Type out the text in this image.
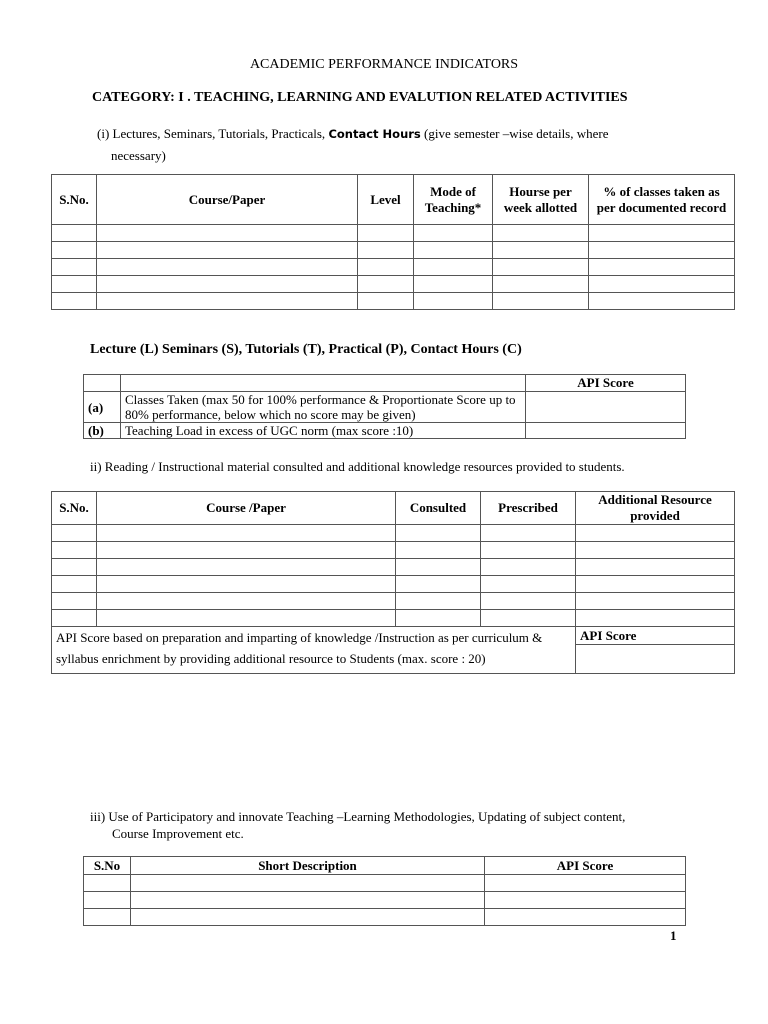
ACADEMIC PERFORMANCE INDICATORS
CATEGORY: I . TEACHING, LEARNING AND EVALUTION RELATED ACTIVITIES
(i) Lectures, Seminars, Tutorials, Practicals, Contact Hours (give semester –wise details, where
necessary)
S.No.	Course/Paper	Level	Mode of Teaching*	Hourse per week allotted	% of classes taken as per documented record

Lecture (L) Seminars (S), Tutorials (T), Practical (P), Contact Hours (C)
		API Score
(a)	Classes Taken (max 50 for 100% performance & Proportionate Score up to 80% performance, below which no score may be given)	
(b)	Teaching Load in excess of UGC norm (max score :10)	
ii) Reading / Instructional material consulted and additional knowledge resources provided to students.
S.No.	Course /Paper	Consulted	Prescribed	Additional Resource provided

API Score based on preparation and imparting of knowledge /Instruction as per curriculum & syllabus enrichment by providing additional resource to Students (max. score : 20)				API Score

iii) Use of Participatory and innovate Teaching –Learning Methodologies, Updating of subject content,
Course Improvement etc.
S.No	Short Description	API Score

1
